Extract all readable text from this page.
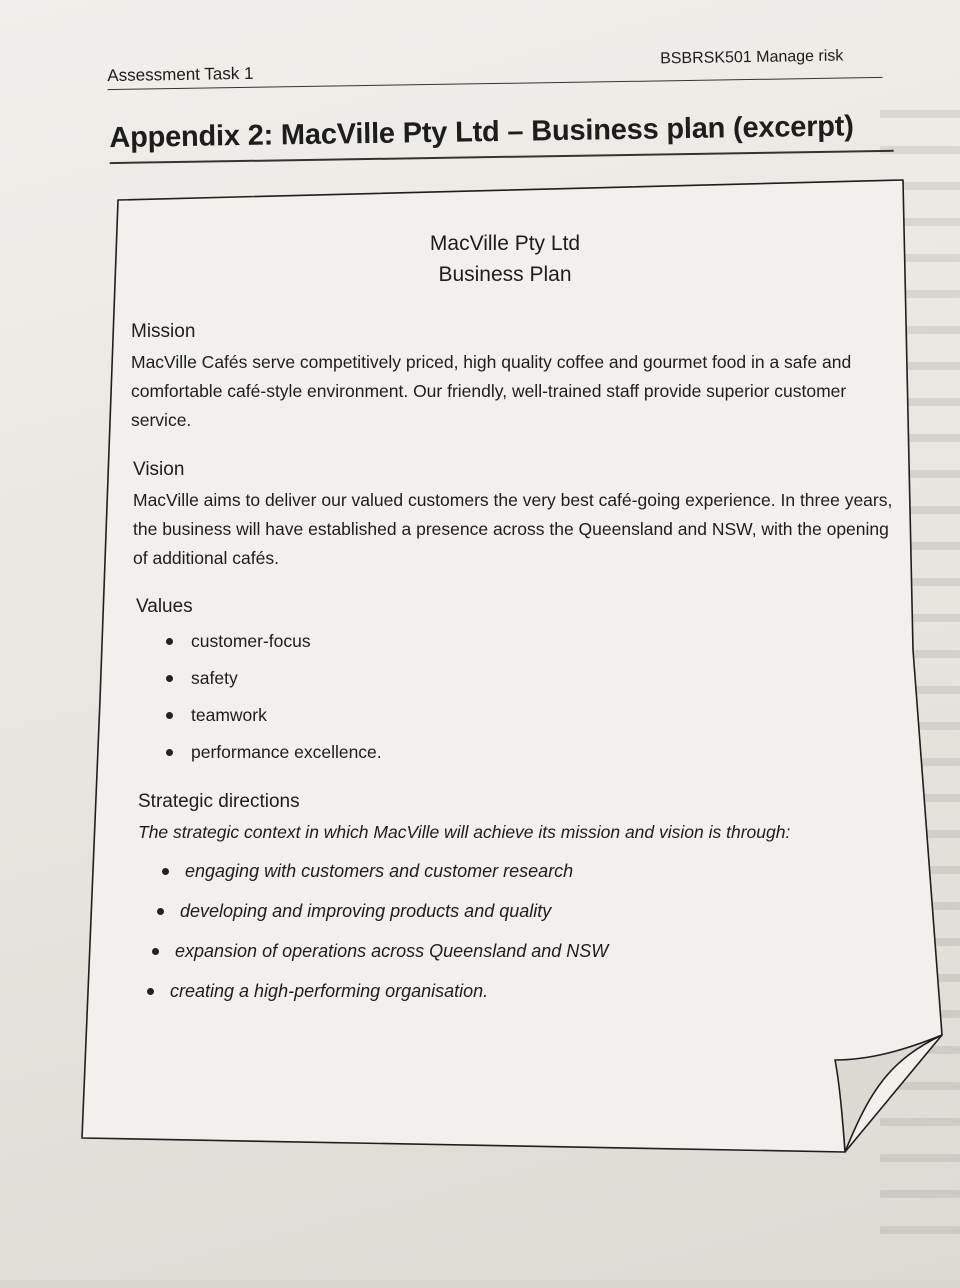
Assessment Task 1
BSBRSK501 Manage risk
Appendix 2: MacVille Pty Ltd – Business plan (excerpt)
MacVille Pty Ltd
Business Plan
Mission

MacVille Cafés serve competitively priced, high quality coffee and gourmet food in a safe and comfortable café-style environment. Our friendly, well-trained staff provide superior customer service.

Vision

MacVille aims to deliver our valued customers the very best café-going experience. In three years, the business will have established a presence across the Queensland and NSW, with the opening of additional cafés.

Values
customer-focus
safety
teamwork
performance excellence.
Strategic directions
The strategic context in which MacVille will achieve its mission and vision is through:
engaging with customers and customer research
developing and improving products and quality
expansion of operations across Queensland and NSW
creating a high-performing organisation.
